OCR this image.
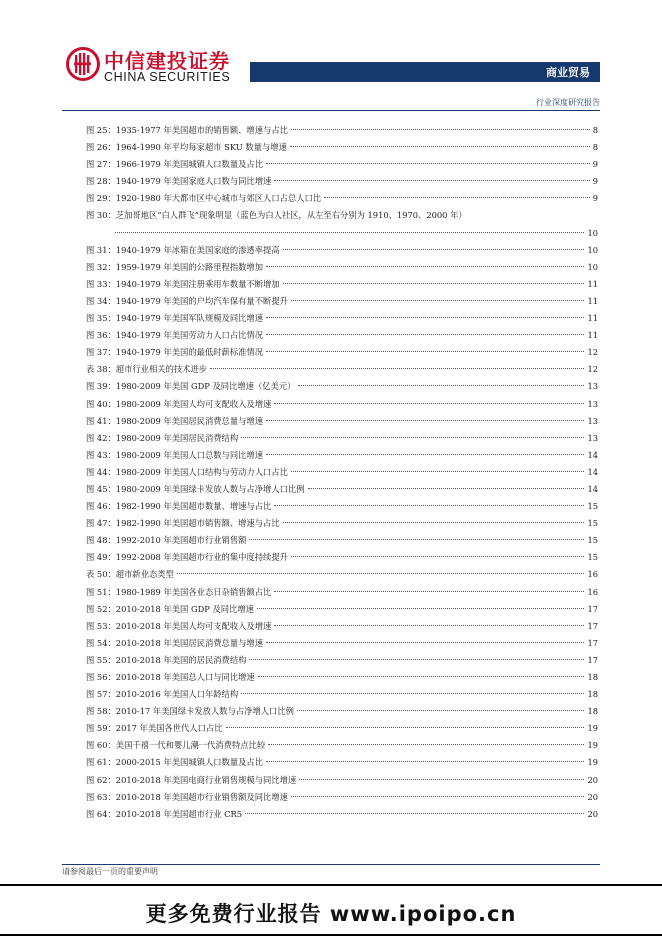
中信建投证券
CHINA SECURITIES	商业贸易
行业深度研究报告
图 25：1935-1977 年美国超市的销售额、增速与占比	8
图 26：1964-1990 年平均每家超市 SKU 数量与增速	8
图 27：1966-1979 年美国城镇人口数量及占比	9
图 28：1940-1979 年美国家庭人口数与同比增速	9
图 29：1920-1980 年大都市区中心城市与郊区人口占总人口比	9
图 30：芝加哥地区“白人群飞”现象明显（蓝色为白人社区，从左至右分别为 1910、1970、2000 年）
10
图 31：1940-1979 年冰箱在美国家庭的渗透率提高	10
图 32：1959-1979 年美国的公路里程指数增加	10
图 33：1940-1979 年美国注册乘用车数量不断增加	11
图 34：1940-1979 年美国的户均汽车保有量不断提升	11
图 35：1940-1979 年美国军队规模及同比增速	11
图 36：1940-1979 年美国劳动力人口占比情况	11
图 37：1940-1979 年美国的最低时薪标准情况	12
表 38：超市行业相关的技术进步	12
图 39：1980-2009 年美国 GDP 及同比增速（亿美元）	13
图 40：1980-2009 年美国人均可支配收入及增速	13
图 41：1980-2009 年美国居民消费总量与增速	13
图 42：1980-2009 年美国居民消费结构	13
图 43：1980-2009 年美国人口总数与同比增速	14
图 44：1980-2009 年美国人口结构与劳动力人口占比	14
图 45：1980-2009 年美国绿卡发放人数与占净增人口比例	14
图 46：1982-1990 年美国超市数量、增速与占比	15
图 47：1982-1990 年美国超市销售额、增速与占比	15
图 48：1992-2010 年美国超市行业销售额	15
图 49：1992-2008 年美国超市行业的集中度持续提升	15
表 50：超市新业态类型	16
图 51：1980-1989 年美国各业态日杂销售额占比	16
图 52：2010-2018 年美国 GDP 及同比增速	17
图 53：2010-2018 年美国人均可支配收入及增速	17
图 54：2010-2018 年美国居民消费总量与增速	17
图 55：2010-2018 年美国的居民消费结构	17
图 56：2010-2018 年美国总人口与同比增速	18
图 57：2010-2016 年美国人口年龄结构	18
图 58：2010-17 年美国绿卡发放人数与占净增人口比例	18
图 59：2017 年美国各世代人口占比	19
图 60：美国千禧一代和婴儿潮一代消费特点比较	19
图 61：2000-2015 年美国城镇人口数量及占比	19
图 62：2010-2018 年美国电商行业销售规模与同比增速	20
图 63：2010-2018 年美国超市行业销售额及同比增速	20
图 64：2010-2018 年美国超市行业 CR5	20
请参阅最后一页的重要声明
更多免费行业报告 www.ipoipo.cn
